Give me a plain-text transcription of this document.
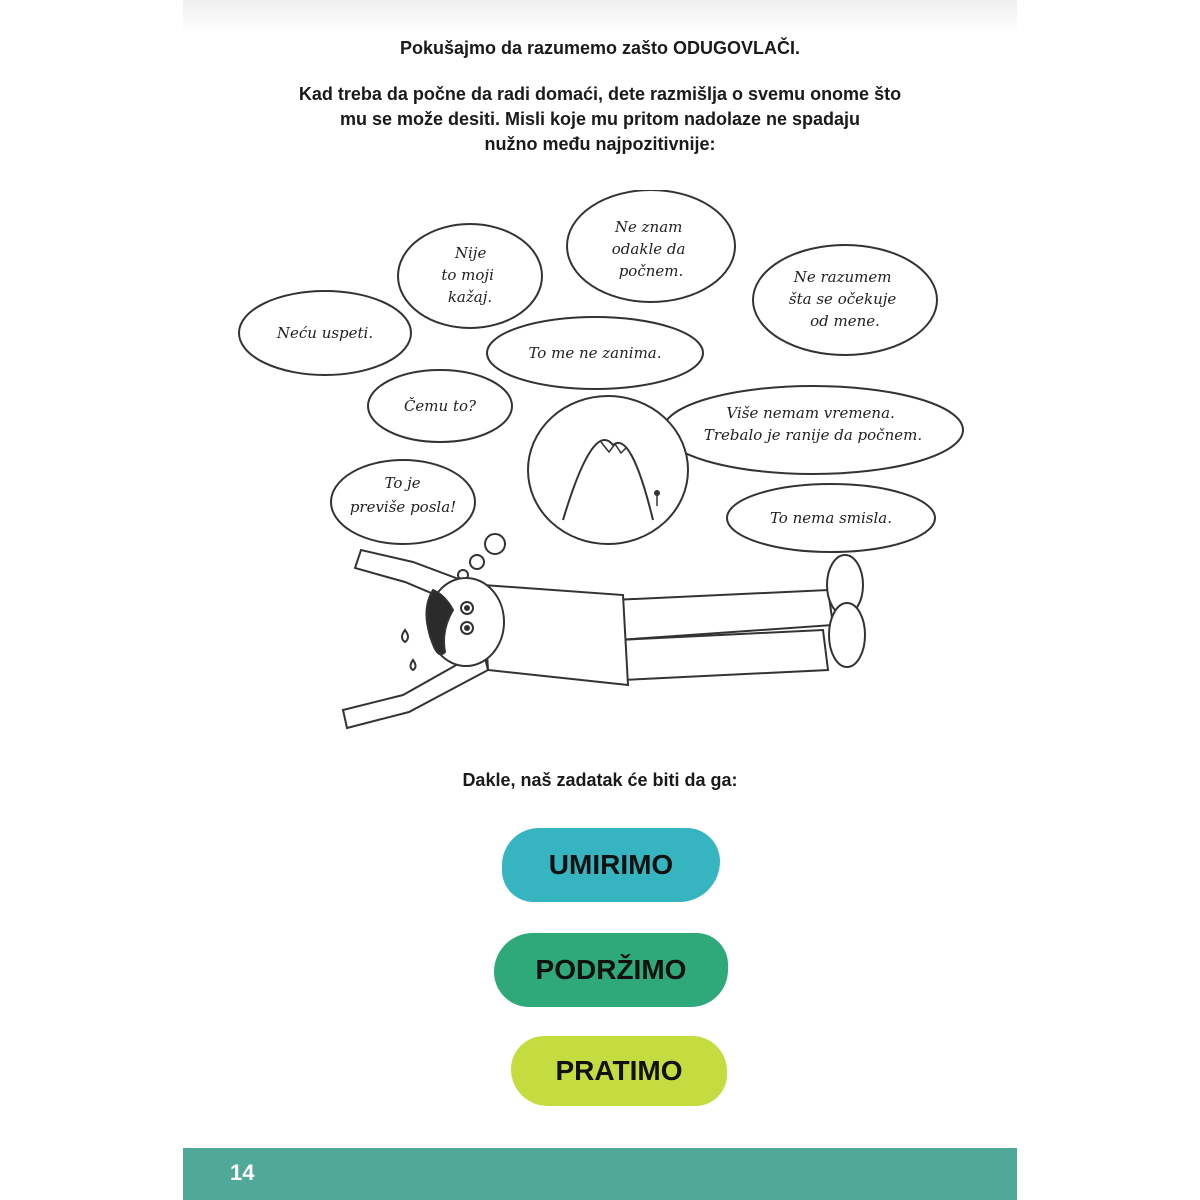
Pokušajmo da razumemo zašto ODUGOVLAČI.
Kad treba da počne da radi domaći, dete razmišlja o svemu onome što
mu se može desiti. Misli koje mu pritom nadolaze ne spadaju
nužno među najpozitivnije:
Neću uspeti.
Nije to moji kažaj.
Ne znam odakle da počnem.	Ne razumem šta se očekuje od mene.
To me ne zanima.
Čemu to?	Više nemam vremena. Trebalo je ranije da počnem.
To je previše posla!
To nema smisla.
Dakle, naš zadatak će biti da ga:
UMIRIMO
PODRŽIMO
PRATIMO
14
